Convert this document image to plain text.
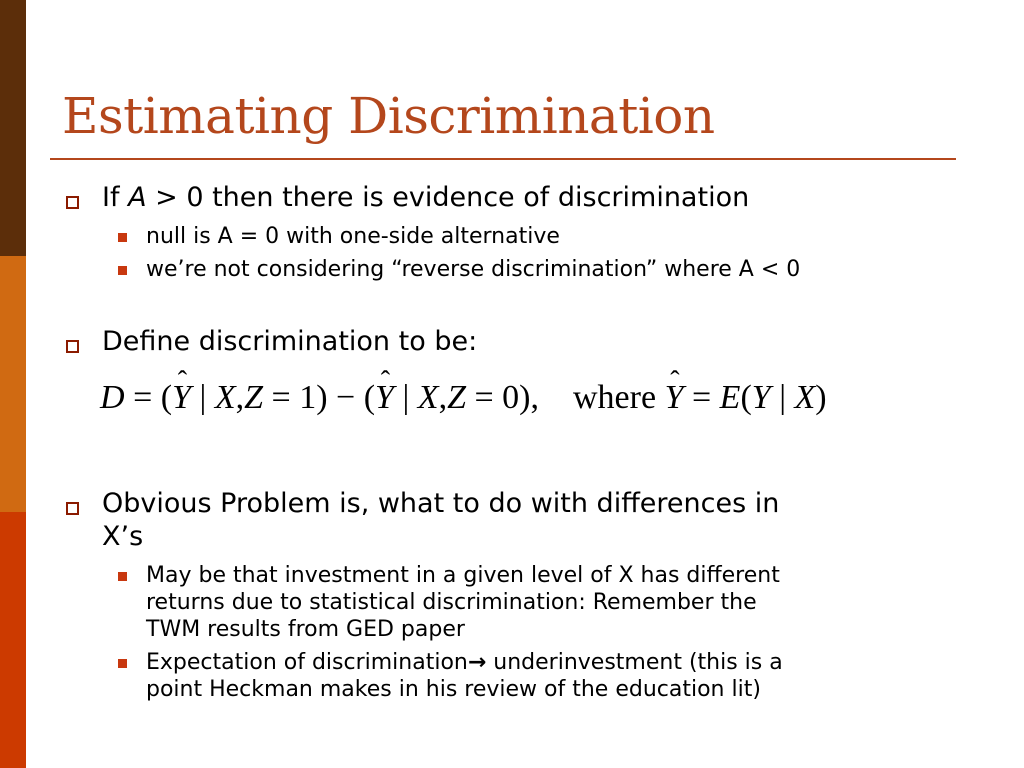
Estimating Discrimination
If A > 0 then there is evidence of discrimination
null is A = 0 with one-side alternative
we’re not considering “reverse discrimination” where A < 0
Define discrimination to be:
D = (ˆ Y | X,Z = 1) − (ˆ Y | X,Z = 0), where ˆ Y = E(Y | X)
Obvious Problem is, what to do with differences in
X’s
May be that investment in a given level of X has different
returns due to statistical discrimination: Remember the
TWM results from GED paper
Expectation of discrimination→ underinvestment (this is a
point Heckman makes in his review of the education lit)
